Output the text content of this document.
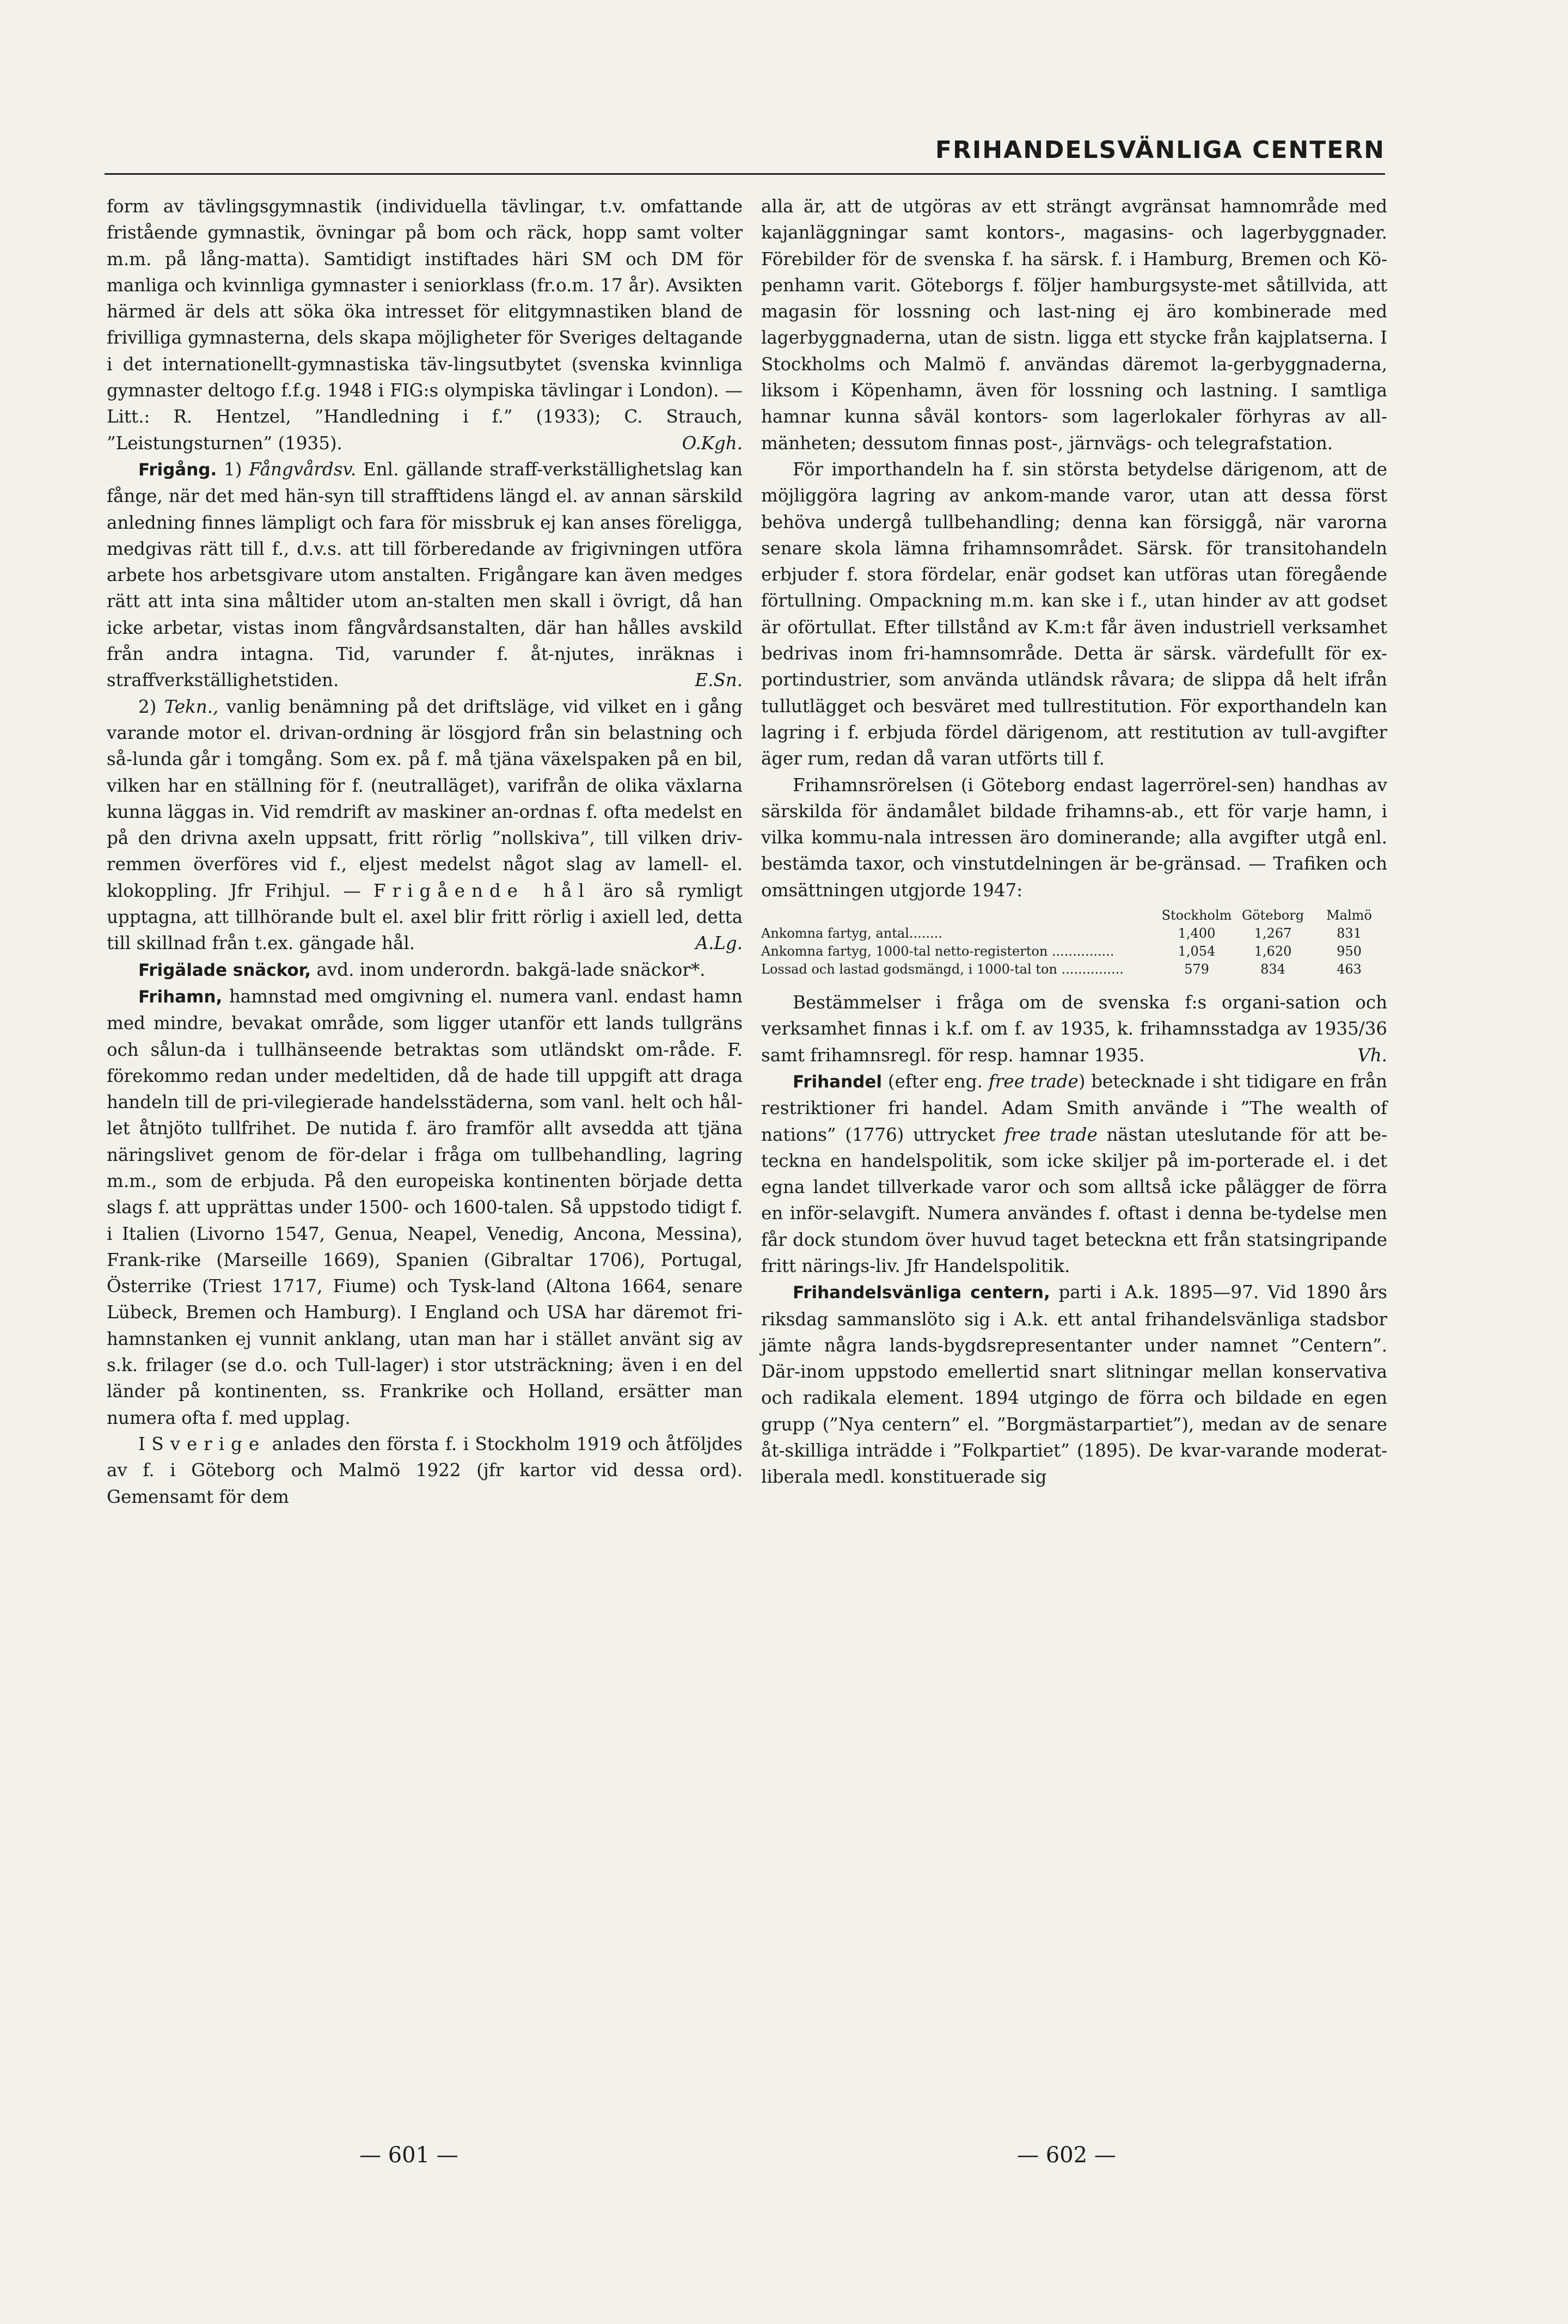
FRIHANDELSVÄNLIGA CENTERN

form av tävlingsgymnastik (individuella tävlingar, t.v. omfattande fristående gymnastik, övningar på bom och räck, hopp samt volter m.m. på lång-matta). Samtidigt instiftades häri SM och DM för manliga och kvinnliga gymnaster i seniorklass (fr.o.m. 17 år). Avsikten härmed är dels att söka öka intresset för elitgymnastiken bland de frivilliga gymnasterna, dels skapa möjligheter för Sveriges deltagande i det internationellt-gymnastiska täv-lingsutbytet (svenska kvinnliga gymnaster deltogo f.f.g. 1948 i FIG:s olympiska tävlingar i London). — Litt.: R. Hentzel, ”Handledning i f.” (1933); C. Strauch, ”Leistungsturnen” (1935).	O.Kgh.

Frigång. 1) Fångvårdsv. Enl. gällande straff-verkställighetslag kan fånge, när det med hän-syn till strafftidens längd el. av annan särskild anledning finnes lämpligt och fara för missbruk ej kan anses föreligga, medgivas rätt till f., d.v.s. att till förberedande av frigivningen utföra arbete hos arbetsgivare utom anstalten. Frigångare kan även medges rätt att inta sina måltider utom an-stalten men skall i övrigt, då han icke arbetar, vistas inom fångvårdsanstalten, där han hålles avskild från andra intagna. Tid, varunder f. åt-njutes, inräknas i straffverkställighetstiden.	E.Sn.

2) Tekn., vanlig benämning på det driftsläge, vid vilket en i gång varande motor el. drivan-ordning är lösgjord från sin belastning och så-lunda går i tomgång. Som ex. på f. må tjäna växelspaken på en bil, vilken har en ställning för f. (neutralläget), varifrån de olika växlarna kunna läggas in. Vid remdrift av maskiner an-ordnas f. ofta medelst en på den drivna axeln uppsatt, fritt rörlig ”nollskiva”, till vilken driv-remmen överföres vid f., eljest medelst något slag av lamell- el. klokoppling. Jfr Frihjul. — Frigående hål äro så rymligt upptagna, att tillhörande bult el. axel blir fritt rörlig i axiell led, detta till skillnad från t.ex. gängade hål.	A.Lg.

Frigälade snäckor, avd. inom underordn. bakgä-lade snäckor*.

Frihamn, hamnstad med omgivning el. numera vanl. endast hamn med mindre, bevakat område, som ligger utanför ett lands tullgräns och sålun-da i tullhänseende betraktas som utländskt om-råde. F. förekommo redan under medeltiden, då de hade till uppgift att draga handeln till de pri-vilegierade handelsstäderna, som vanl. helt och hål-let åtnjöto tullfrihet. De nutida f. äro framför allt avsedda att tjäna näringslivet genom de för-delar i fråga om tullbehandling, lagring m.m., som de erbjuda. På den europeiska kontinenten började detta slags f. att upprättas under 1500- och 1600-talen. Så uppstodo tidigt f. i Italien (Livorno 1547, Genua, Neapel, Venedig, Ancona, Messina), Frank-rike (Marseille 1669), Spanien (Gibraltar 1706), Portugal, Österrike (Triest 1717, Fiume) och Tysk-land (Altona 1664, senare Lübeck, Bremen och Hamburg). I England och USA har däremot fri-hamnstanken ej vunnit anklang, utan man har i stället använt sig av s.k. frilager (se d.o. och Tull-lager) i stor utsträckning; även i en del länder på kontinenten, ss. Frankrike och Holland, ersätter man numera ofta f. med upplag.

I Sverige anlades den första f. i Stockholm 1919 och åtföljdes av f. i Göteborg och Malmö 1922 (jfr kartor vid dessa ord). Gemensamt för dem

alla är, att de utgöras av ett strängt avgränsat hamnområde med kajanläggningar samt kontors-, magasins- och lagerbyggnader. Förebilder för de svenska f. ha särsk. f. i Hamburg, Bremen och Kö-penhamn varit. Göteborgs f. följer hamburgsyste-met såtillvida, att magasin för lossning och last-ning ej äro kombinerade med lagerbyggnaderna, utan de sistn. ligga ett stycke från kajplatserna. I Stockholms och Malmö f. användas däremot la-gerbyggnaderna, liksom i Köpenhamn, även för lossning och lastning. I samtliga hamnar kunna såväl kontors- som lagerlokaler förhyras av all-mänheten; dessutom finnas post-, järnvägs- och telegrafstation.

För importhandeln ha f. sin största betydelse därigenom, att de möjliggöra lagring av ankom-mande varor, utan att dessa först behöva undergå tullbehandling; denna kan försiggå, när varorna senare skola lämna frihamnsområdet. Särsk. för transitohandeln erbjuder f. stora fördelar, enär godset kan utföras utan föregående förtullning. Ompackning m.m. kan ske i f., utan hinder av att godset är oförtullat. Efter tillstånd av K.m:t får även industriell verksamhet bedrivas inom fri-hamnsområde. Detta är särsk. värdefullt för ex-portindustrier, som använda utländsk råvara; de slippa då helt ifrån tullutlägget och besväret med tullrestitution. För exporthandeln kan lagring i f. erbjuda fördel därigenom, att restitution av tull-avgifter äger rum, redan då varan utförts till f.

Frihamnsrörelsen (i Göteborg endast lagerrörel-sen) handhas av särskilda för ändamålet bildade frihamns-ab., ett för varje hamn, i vilka kommu-nala intressen äro dominerande; alla avgifter utgå enl. bestämda taxor, och vinstutdelningen är be-gränsad. — Trafiken och omsättningen utgjorde 1947:

	Stockholm	Göteborg	Malmö
Ankomna fartyg, antal........	1,400	1,267	831
Ankomna fartyg, 1000-tal netto-registerton ...............	1,054	1,620	950
Lossad och lastad godsmängd, i 1000-tal ton ...............	579	834	463

Bestämmelser i fråga om de svenska f:s organi-sation och verksamhet finnas i k.f. om f. av 1935, k. frihamnsstadga av 1935/36 samt frihamnsregl. för resp. hamnar 1935.	Vh.

Frihandel (efter eng. free trade) betecknade i sht tidigare en från restriktioner fri handel. Adam Smith använde i ”The wealth of nations” (1776) uttrycket free trade nästan uteslutande för att be-teckna en handelspolitik, som icke skiljer på im-porterade el. i det egna landet tillverkade varor och som alltså icke pålägger de förra en inför-selavgift. Numera användes f. oftast i denna be-tydelse men får dock stundom över huvud taget beteckna ett från statsingripande fritt närings-liv. Jfr Handelspolitik.

Frihandelsvänliga centern, parti i A.k. 1895—97. Vid 1890 års riksdag sammanslöto sig i A.k. ett antal frihandelsvänliga stadsbor jämte några lands-bygdsrepresentanter under namnet ”Centern”. Där-inom uppstodo emellertid snart slitningar mellan konservativa och radikala element. 1894 utgingo de förra och bildade en egen grupp (”Nya centern” el. ”Borgmästarpartiet”), medan av de senare åt-skilliga inträdde i ”Folkpartiet” (1895). De kvar-varande moderat-liberala medl. konstituerade sig

— 601 —	— 602 —
